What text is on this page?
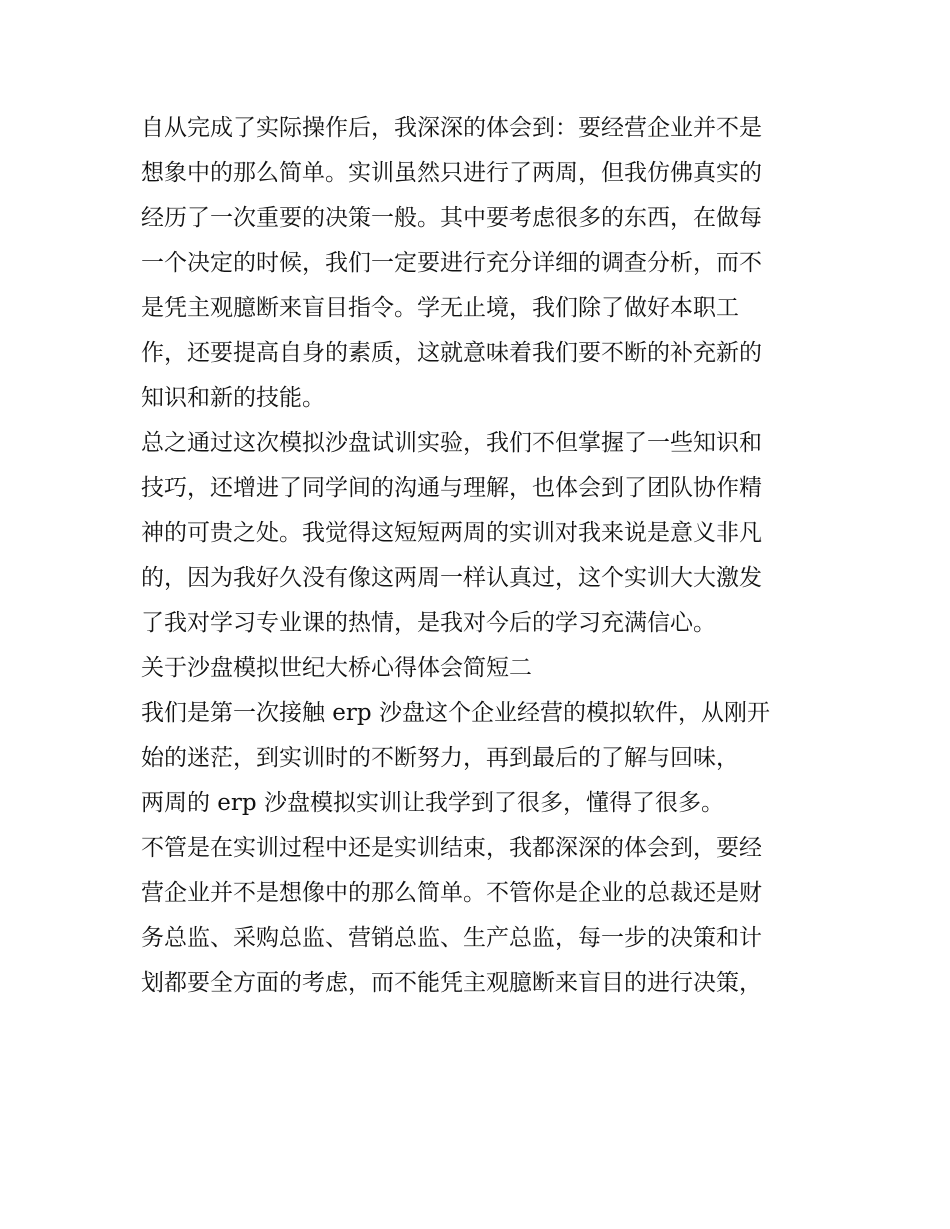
自从完成了实际操作后，我深深的体会到：要经营企业并不是
想象中的那么简单。实训虽然只进行了两周，但我仿佛真实的
经历了一次重要的决策一般。其中要考虑很多的东西，在做每
一个决定的时候，我们一定要进行充分详细的调查分析，而不
是凭主观臆断来盲目指令。学无止境，我们除了做好本职工
作，还要提高自身的素质，这就意味着我们要不断的补充新的
知识和新的技能。
总之通过这次模拟沙盘试训实验，我们不但掌握了一些知识和
技巧，还增进了同学间的沟通与理解，也体会到了团队协作精
神的可贵之处。我觉得这短短两周的实训对我来说是意义非凡
的，因为我好久没有像这两周一样认真过，这个实训大大激发
了我对学习专业课的热情，是我对今后的学习充满信心。
关于沙盘模拟世纪大桥心得体会简短二
我们是第一次接触 erp 沙盘这个企业经营的模拟软件，从刚开
始的迷茫，到实训时的不断努力，再到最后的了解与回味，
两周的 erp 沙盘模拟实训让我学到了很多，懂得了很多。
不管是在实训过程中还是实训结束，我都深深的体会到，要经
营企业并不是想像中的那么简单。不管你是企业的总裁还是财
务总监、采购总监、营销总监、生产总监，每一步的决策和计
划都要全方面的考虑，而不能凭主观臆断来盲目的进行决策，
